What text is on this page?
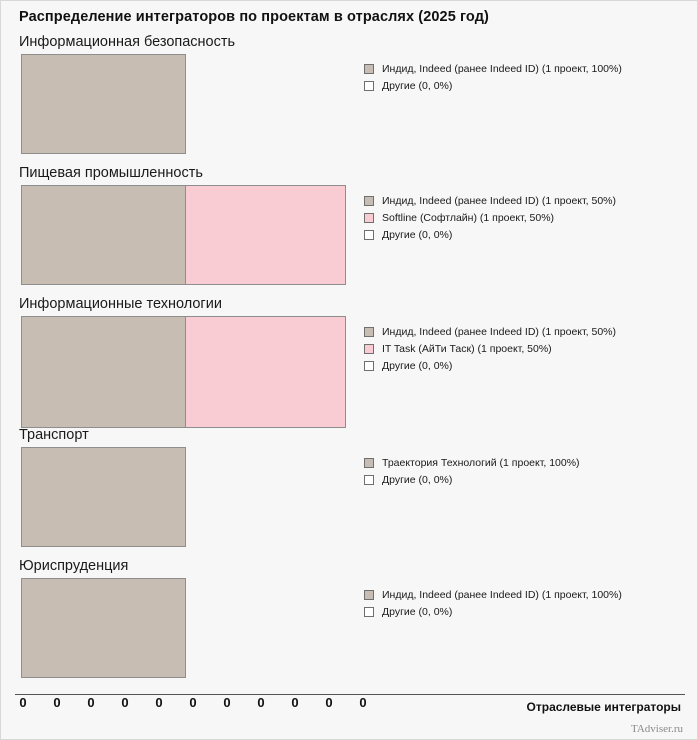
Распределение интеграторов по проектам в отраслях (2025 год)
Информационная безопасность
Индид, Indeed (ранее Indeed ID) (1 проект, 100%)
Другие (0, 0%)
Пищевая промышленность
Индид, Indeed (ранее Indeed ID) (1 проект, 50%)
Softline (Софтлайн) (1 проект, 50%)
Другие (0, 0%)
Информационные технологии
Индид, Indeed (ранее Indeed ID) (1 проект, 50%)
IT Task (АйТи Таск) (1 проект, 50%)
Другие (0, 0%)
Транспорт
Траектория Технологий (1 проект, 100%)
Другие (0, 0%)
Юриспруденция
Индид, Indeed (ранее Indeed ID) (1 проект, 100%)
Другие (0, 0%)
0 0 0 0 0 0 0 0 0 0 0	Отраслевые интеграторы
TAdviser.ru
